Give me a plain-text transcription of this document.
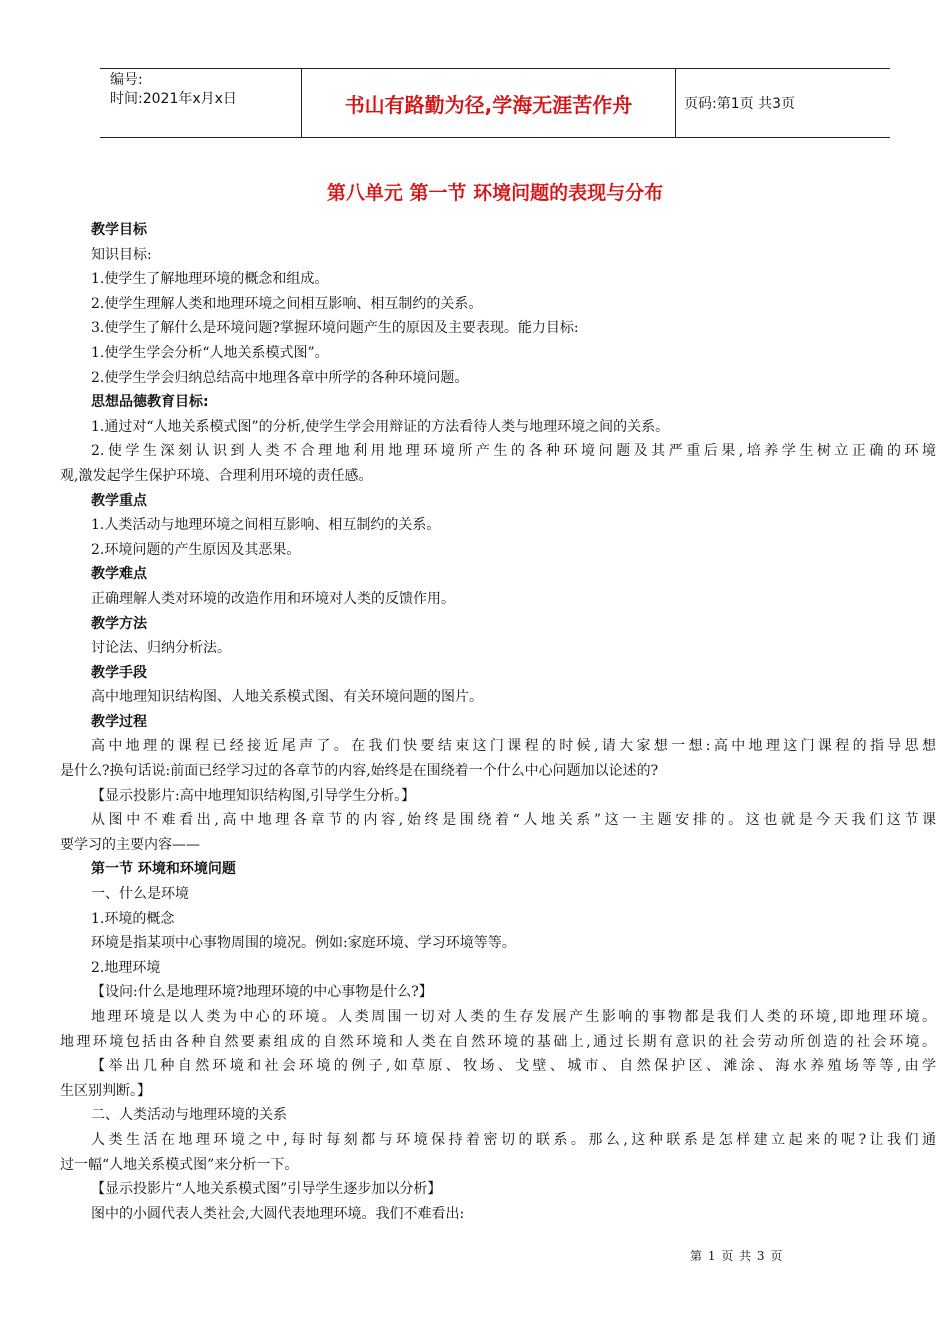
编号:
时间:2021年x月x日	书山有路勤为径,学海无涯苦作舟	页码:第1页 共3页
第八单元 第一节 环境问题的表现与分布
教学目标
知识目标:
1.使学生了解地理环境的概念和组成。
2.使学生理解人类和地理环境之间相互影响、相互制约的关系。
3.使学生了解什么是环境问题?掌握环境问题产生的原因及主要表现。能力目标:
1.使学生学会分析“人地关系模式图”。
2.使学生学会归纳总结高中地理各章中所学的各种环境问题。
思想品德教育目标:
1.通过对“人地关系模式图”的分析,使学生学会用辩证的方法看待人类与地理环境之间的关系。
2.使学生深刻认识到人类不合理地利用地理环境所产生的各种环境问题及其严重后果,培养学生树立正确的环境
观,激发起学生保护环境、合理利用环境的责任感。
教学重点
1.人类活动与地理环境之间相互影响、相互制约的关系。
2.环境问题的产生原因及其恶果。
教学难点
正确理解人类对环境的改造作用和环境对人类的反馈作用。
教学方法
讨论法、归纳分析法。
教学手段
高中地理知识结构图、人地关系模式图、有关环境问题的图片。
教学过程
高中地理的课程已经接近尾声了。在我们快要结束这门课程的时候,请大家想一想:高中地理这门课程的指导思想
是什么?换句话说:前面已经学习过的各章节的内容,始终是在围绕着一个什么中心问题加以论述的?
【显示投影片:高中地理知识结构图,引导学生分析。】
从图中不难看出,高中地理各章节的内容,始终是围绕着“人地关系”这一主题安排的。这也就是今天我们这节课
要学习的主要内容——
第一节 环境和环境问题
一、什么是环境
1.环境的概念
环境是指某项中心事物周围的境况。例如:家庭环境、学习环境等等。
2.地理环境
【设问:什么是地理环境?地理环境的中心事物是什么?】
地理环境是以人类为中心的环境。人类周围一切对人类的生存发展产生影响的事物都是我们人类的环境,即地理环境。
地理环境包括由各种自然要素组成的自然环境和人类在自然环境的基础上,通过长期有意识的社会劳动所创造的社会环境。
【举出几种自然环境和社会环境的例子,如草原、牧场、戈壁、城市、自然保护区、滩涂、海水养殖场等等,由学
生区别判断。】
二、人类活动与地理环境的关系
人类生活在地理环境之中,每时每刻都与环境保持着密切的联系。那么,这种联系是怎样建立起来的呢?让我们通
过一幅“人地关系模式图”来分析一下。
【显示投影片“人地关系模式图”引导学生逐步加以分析】
图中的小圆代表人类社会,大圆代表地理环境。我们不难看出:
第 1 页 共 3 页
